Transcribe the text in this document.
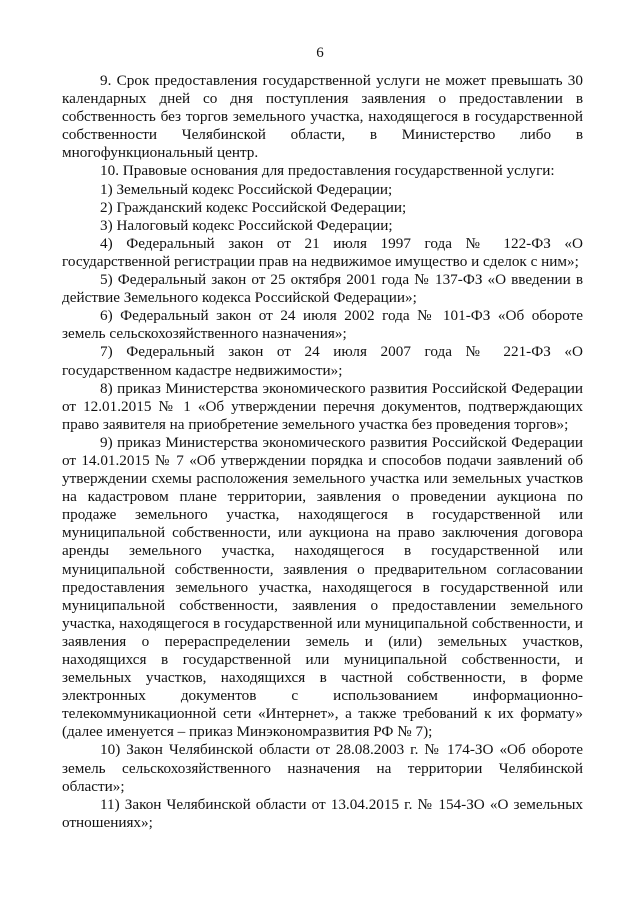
6

9. Срок предоставления государственной услуги не может превышать 30 календарных дней со дня поступления заявления о предоставлении в собственность без торгов земельного участка, находящегося в государственной собственности Челябинской области, в Министерство либо в многофункциональный центр.

10. Правовые основания для предоставления государственной услуги:

1) Земельный кодекс Российской Федерации;

2) Гражданский кодекс Российской Федерации;

3) Налоговый кодекс Российской Федерации;

4) Федеральный закон от 21 июля 1997 года № 122-ФЗ «О государственной регистрации прав на недвижимое имущество и сделок с ним»;

5) Федеральный закон от 25 октября 2001 года № 137-ФЗ «О введении в действие Земельного кодекса Российской Федерации»;

6) Федеральный закон от 24 июля 2002 года № 101-ФЗ «Об обороте земель сельскохозяйственного назначения»;

7) Федеральный закон от 24 июля 2007 года № 221-ФЗ «О государственном кадастре недвижимости»;

8) приказ Министерства экономического развития Российской Федерации от 12.01.2015 № 1 «Об утверждении перечня документов, подтверждающих право заявителя на приобретение земельного участка без проведения торгов»;

9) приказ Министерства экономического развития Российской Федерации от 14.01.2015 № 7 «Об утверждении порядка и способов подачи заявлений об утверждении схемы расположения земельного участка или земельных участков на кадастровом плане территории, заявления о проведении аукциона по продаже земельного участка, находящегося в государственной или муниципальной собственности, или аукциона на право заключения договора аренды земельного участка, находящегося в государственной или муниципальной собственности, заявления о предварительном согласовании предоставления земельного участка, находящегося в государственной или муниципальной собственности, заявления о предоставлении земельного участка, находящегося в государственной или муниципальной собственности, и заявления о перераспределении земель и (или) земельных участков, находящихся в государственной или муниципальной собственности, и земельных участков, находящихся в частной собственности, в форме электронных документов с использованием информационно-телекоммуникационной сети «Интернет», а также требований к их формату» (далее именуется – приказ Минэкономразвития РФ № 7);

10) Закон Челябинской области от 28.08.2003 г. № 174-ЗО «Об обороте земель сельскохозяйственного назначения на территории Челябинской области»;

11) Закон Челябинской области от 13.04.2015 г. № 154-ЗО «О земельных отношениях»;
